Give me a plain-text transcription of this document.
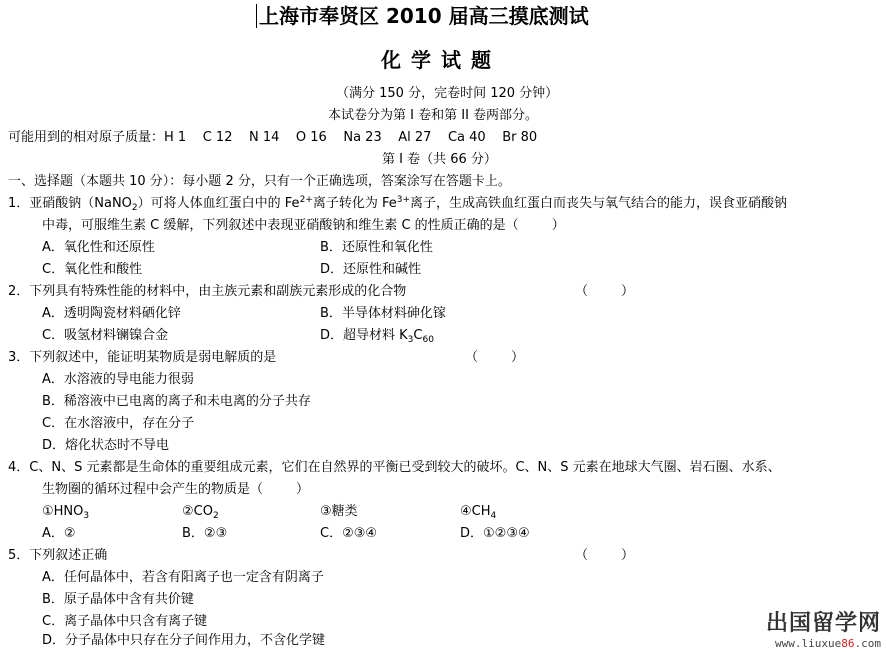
上海市奉贤区 2010 届高三摸底测试
化学试题
（满分 150 分，完卷时间 120 分钟）
本试卷分为第 I 卷和第 II 卷两部分。
可能用到的相对原子质量：H 1    C 12    N 14    O 16    Na 23    Al 27    Ca 40    Br 80
第 I 卷（共 66 分）
一、选择题（本题共 10 分）：每小题 2 分，只有一个正确选项，答案涂写在答题卡上。
1．亚硝酸钠（NaNO$_2$）可将人体血红蛋白中的 $Fe^{2+}$离子转化为 $Fe^{3+}$离子，生成高铁血红蛋白而丧失与氧气结合的能力，误食亚硝酸钠
中毒，可服维生素 C 缓解，下列叙述中表现亚硝酸钠和维生素 C 的性质正确的是（        ）
A．氧化性和还原性	B．还原性和氧化性
C．氧化性和酸性	D．还原性和碱性
2．下列具有特殊性能的材料中，由主族元素和副族元素形成的化合物	（        ）
A．透明陶瓷材料硒化锌	B．半导体材料砷化镓
C．吸氢材料镧镍合金	D．超导材料 $K_3C_{60}$
3．下列叙述中，能证明某物质是弱电解质的是	（        ）
A．水溶液的导电能力很弱
B．稀溶液中已电离的离子和未电离的分子共存
C．在水溶液中，存在分子
D．熔化状态时不导电
4．C、N、S 元素都是生命体的重要组成元素，它们在自然界的平衡已受到较大的破坏。C、N、S 元素在地球大气圈、岩石圈、水系、
生物圈的循环过程中会产生的物质是（        ）
$①HNO_3$	$②CO_2$	③糖类	$④CH_4$
A．②	B．②③	C．②③④	D．①②③④
5．下列叙述正确	（        ）
A．任何晶体中，若含有阳离子也一定含有阴离子
B．原子晶体中含有共价键
C．离子晶体中只含有离子键
D．分子晶体中只存在分子间作用力，不含化学键
出国留学网
www.liuxue86.com
